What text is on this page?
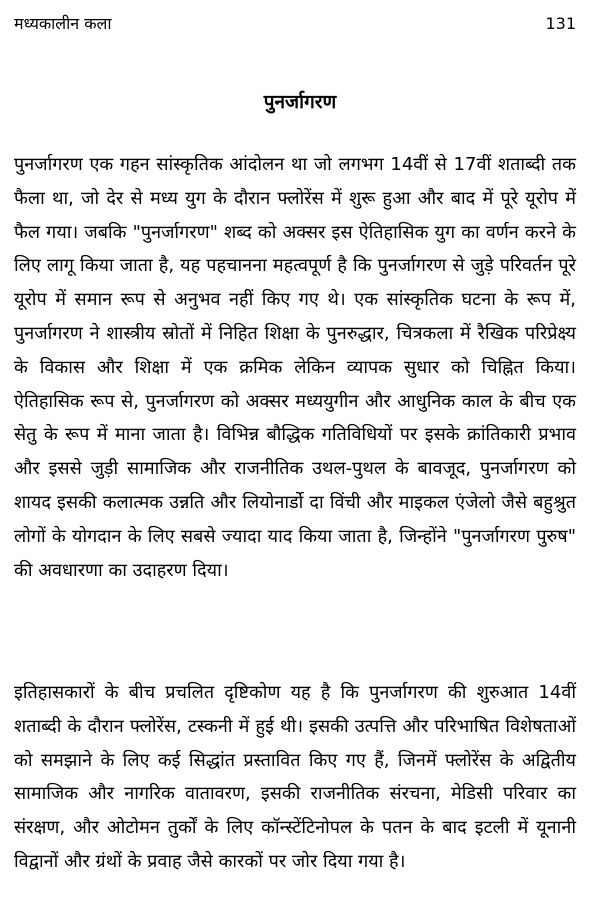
मध्यकालीन कला	131
पुनर्जागरण

पुनर्जागरण एक गहन सांस्कृतिक आंदोलन था जो लगभग 14वीं से 17वीं शताब्दी तक फैला था, जो देर से मध्य युग के दौरान फ्लोरेंस में शुरू हुआ और बाद में पूरे यूरोप में फैल गया। जबकि "पुनर्जागरण" शब्द को अक्सर इस ऐतिहासिक युग का वर्णन करने के लिए लागू किया जाता है, यह पहचानना महत्वपूर्ण है कि पुनर्जागरण से जुड़े परिवर्तन पूरे यूरोप में समान रूप से अनुभव नहीं किए गए थे। एक सांस्कृतिक घटना के रूप में, पुनर्जागरण ने शास्त्रीय स्रोतों में निहित शिक्षा के पुनरुद्धार, चित्रकला में रैखिक परिप्रेक्ष्य के विकास और शिक्षा में एक क्रमिक लेकिन व्यापक सुधार को चिह्नित किया। ऐतिहासिक रूप से, पुनर्जागरण को अक्सर मध्ययुगीन और आधुनिक काल के बीच एक सेतु के रूप में माना जाता है। विभिन्न बौद्धिक गतिविधियों पर इसके क्रांतिकारी प्रभाव और इससे जुड़ी सामाजिक और राजनीतिक उथल-पुथल के बावजूद, पुनर्जागरण को शायद इसकी कलात्मक उन्नति और लियोनार्डो दा विंची और माइकल एंजेलो जैसे बहुश्रुत लोगों के योगदान के लिए सबसे ज्यादा याद किया जाता है, जिन्होंने "पुनर्जागरण पुरुष" की अवधारणा का उदाहरण दिया।

इतिहासकारों के बीच प्रचलित दृष्टिकोण यह है कि पुनर्जागरण की शुरुआत 14वीं शताब्दी के दौरान फ्लोरेंस, टस्कनी में हुई थी। इसकी उत्पत्ति और परिभाषित विशेषताओं को समझाने के लिए कई सिद्धांत प्रस्तावित किए गए हैं, जिनमें फ्लोरेंस के अद्वितीय सामाजिक और नागरिक वातावरण, इसकी राजनीतिक संरचना, मेडिसी परिवार का संरक्षण, और ओटोमन तुर्कों के लिए कॉन्स्टेंटिनोपल के पतन के बाद इटली में यूनानी विद्वानों और ग्रंथों के प्रवाह जैसे कारकों पर जोर दिया गया है।
